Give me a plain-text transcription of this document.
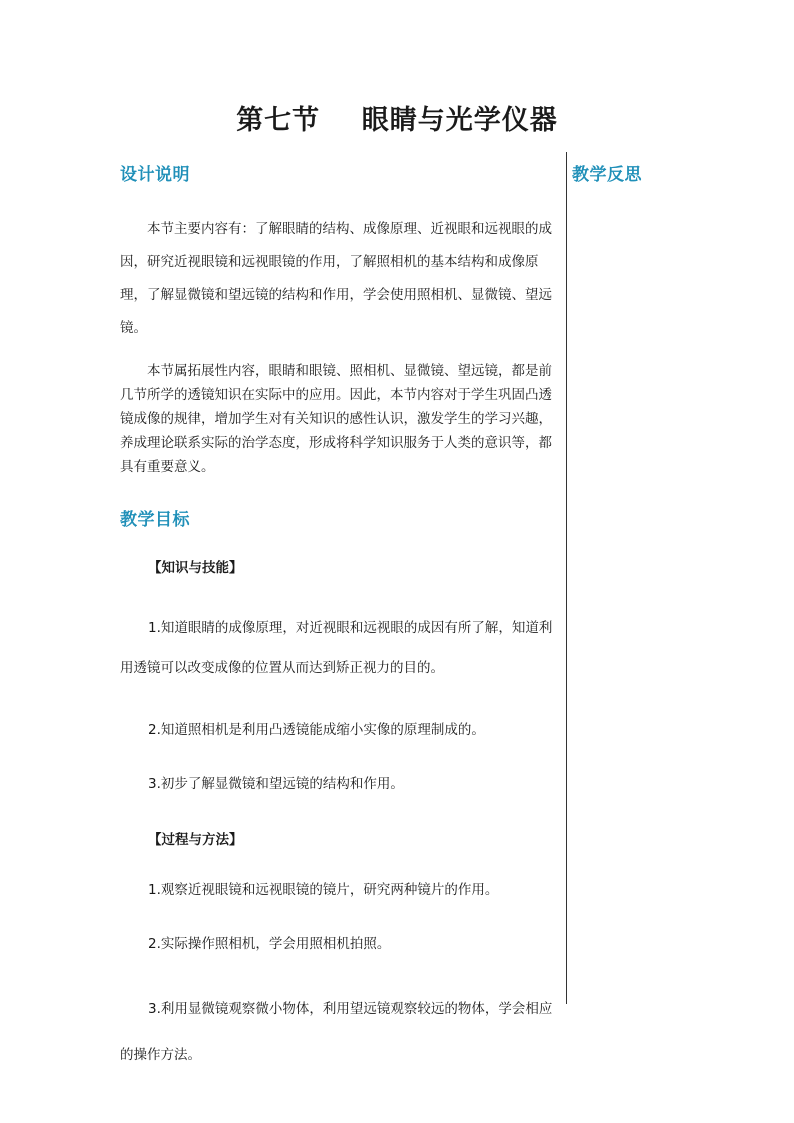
第七节    眼睛与光学仪器
设计说明

本节主要内容有：了解眼睛的结构、成像原理、近视眼和远视眼的成因，研究近视眼镜和远视眼镜的作用，了解照相机的基本结构和成像原理，了解显微镜和望远镜的结构和作用，学会使用照相机、显微镜、望远镜。

本节属拓展性内容，眼睛和眼镜、照相机、显微镜、望远镜，都是前几节所学的透镜知识在实际中的应用。因此，本节内容对于学生巩固凸透镜成像的规律，增加学生对有关知识的感性认识，激发学生的学习兴趣，养成理论联系实际的治学态度，形成将科学知识服务于人类的意识等，都具有重要意义。

教学目标

【知识与技能】

1.知道眼睛的成像原理，对近视眼和远视眼的成因有所了解，知道利用透镜可以改变成像的位置从而达到矫正视力的目的。

2.知道照相机是利用凸透镜能成缩小实像的原理制成的。

3.初步了解显微镜和望远镜的结构和作用。

【过程与方法】

1.观察近视眼镜和远视眼镜的镜片，研究两种镜片的作用。

2.实际操作照相机，学会用照相机拍照。

3.利用显微镜观察微小物体，利用望远镜观察较远的物体，学会相应的操作方法。

教学反思
